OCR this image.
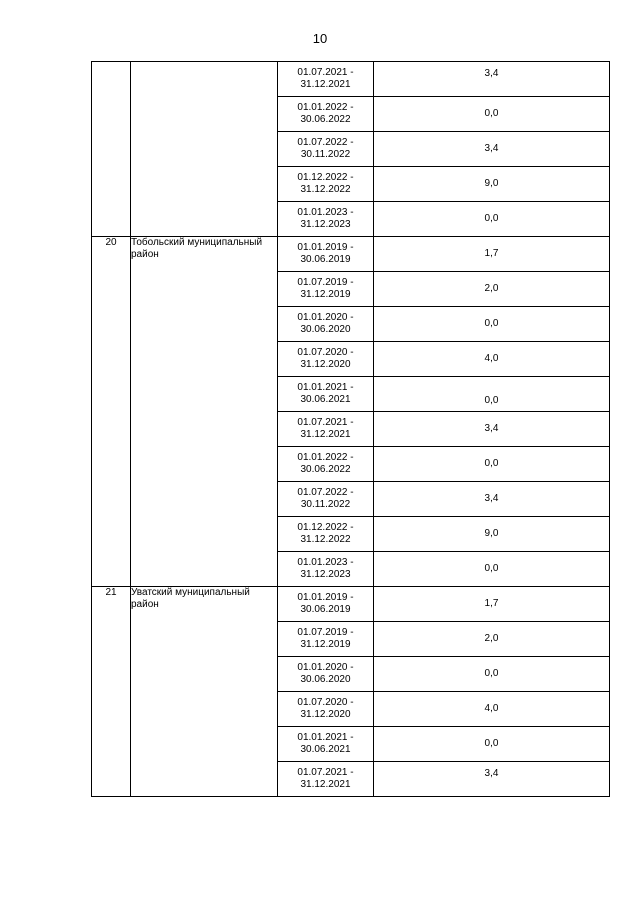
10

		01.07.2021 -
31.12.2021	3,4

		01.01.2022 -
30.06.2022	0,0

		01.07.2022 -
30.11.2022	3,4

		01.12.2022 -
31.12.2022	9,0

		01.01.2023 -
31.12.2023	0,0
20	Тобольский муниципальный район	01.01.2019 -
30.06.2019	1,7

		01.07.2019 -
31.12.2019	2,0

		01.01.2020 -
30.06.2020	0,0

		01.07.2020 -
31.12.2020	4,0

		01.01.2021 -
30.06.2021	0,0

		01.07.2021 -
31.12.2021	3,4

		01.01.2022 -
30.06.2022	0,0

		01.07.2022 -
30.11.2022	3,4

		01.12.2022 -
31.12.2022	9,0

		01.01.2023 -
31.12.2023	0,0
21	Уватский муниципальный район	01.01.2019 -
30.06.2019	1,7

		01.07.2019 -
31.12.2019	2,0

		01.01.2020 -
30.06.2020	0,0

		01.07.2020 -
31.12.2020	4,0

		01.01.2021 -
30.06.2021	0,0

		01.07.2021 -
31.12.2021	3,4
